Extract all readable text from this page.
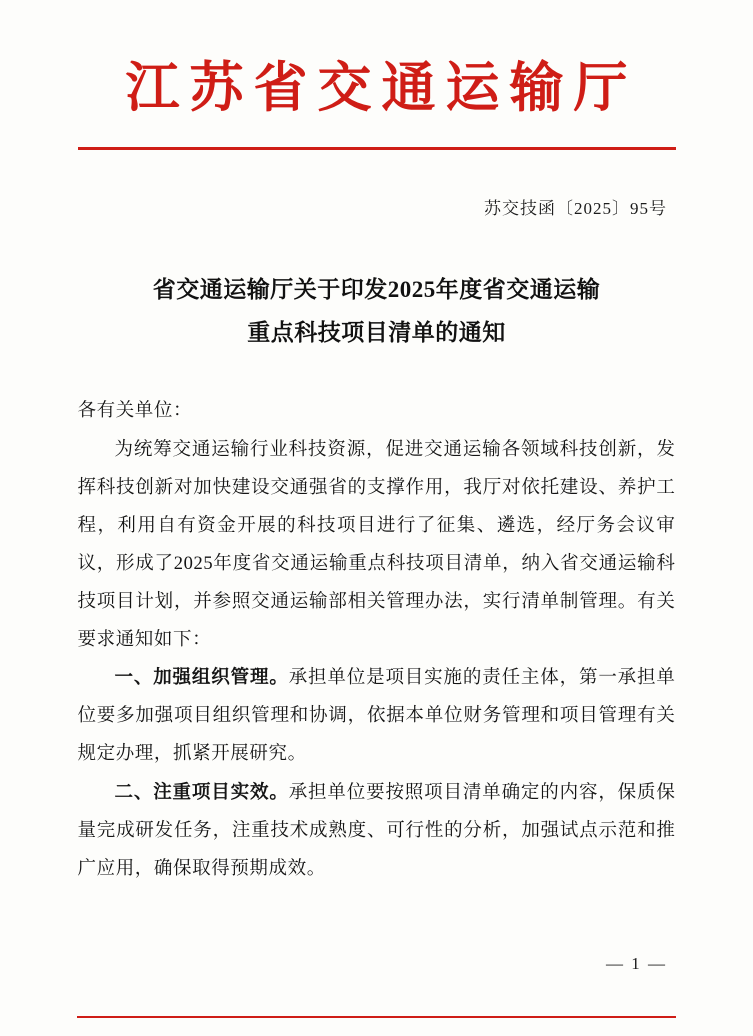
江苏省交通运输厅
苏交技函〔2025〕95号
省交通运输厅关于印发2025年度省交通运输
重点科技项目清单的通知

各有关单位：

为统筹交通运输行业科技资源，促进交通运输各领域科技创新，发挥科技创新对加快建设交通强省的支撑作用，我厅对依托建设、养护工程，利用自有资金开展的科技项目进行了征集、遴选，经厅务会议审议，形成了2025年度省交通运输重点科技项目清单，纳入省交通运输科技项目计划，并参照交通运输部相关管理办法，实行清单制管理。有关要求通知如下：

一、加强组织管理。承担单位是项目实施的责任主体，第一承担单位要多加强项目组织管理和协调，依据本单位财务管理和项目管理有关规定办理，抓紧开展研究。

二、注重项目实效。承担单位要按照项目清单确定的内容，保质保量完成研发任务，注重技术成熟度、可行性的分析，加强试点示范和推广应用，确保取得预期成效。

— 1 —
